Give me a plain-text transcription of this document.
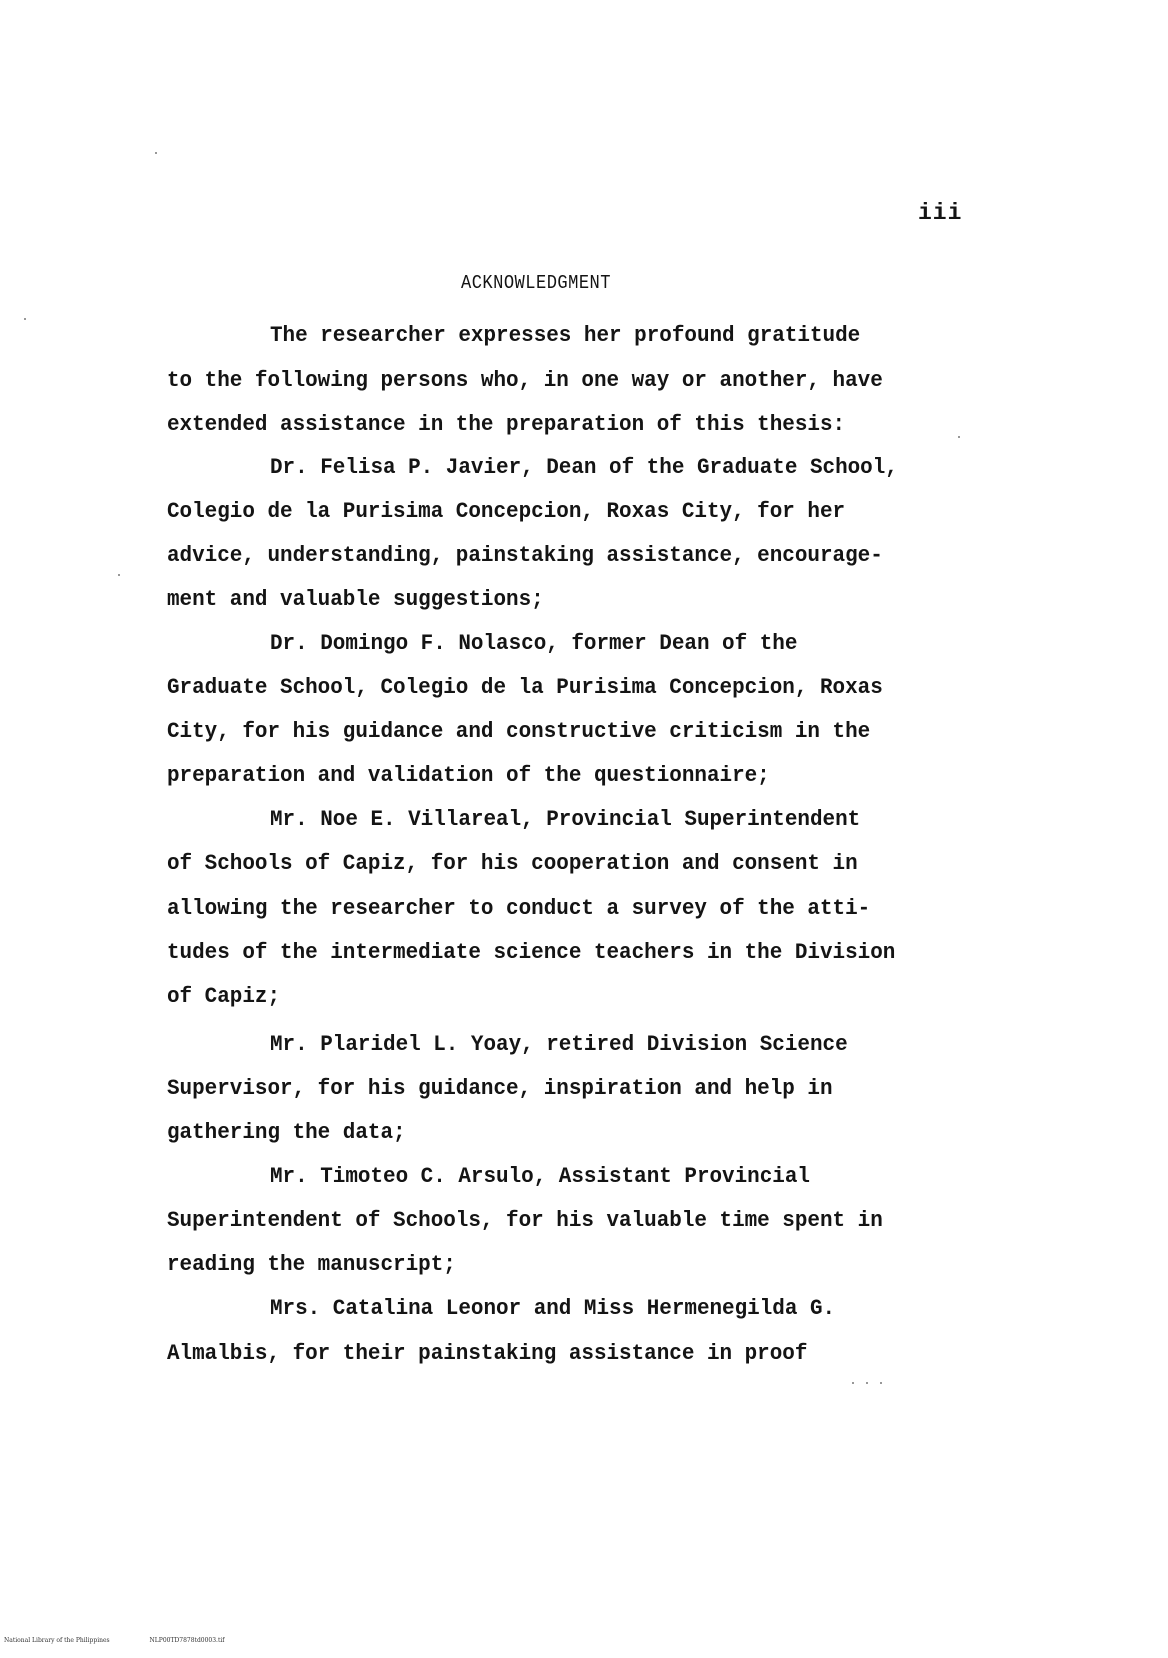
iii
ACKNOWLEDGMENT
The researcher expresses her profound gratitude
to the following persons who, in one way or another, have
extended assistance in the preparation of this thesis:
Dr. Felisa P. Javier, Dean of the Graduate School,
Colegio de la Purisima Concepcion, Roxas City, for her
advice, understanding, painstaking assistance, encourage-
ment and valuable suggestions;
Dr. Domingo F. Nolasco, former Dean of the
Graduate School, Colegio de la Purisima Concepcion, Roxas
City, for his guidance and constructive criticism in the
preparation and validation of the questionnaire;
Mr. Noe E. Villareal, Provincial Superintendent
of Schools of Capiz, for his cooperation and consent in
allowing the researcher to conduct a survey of the atti-
tudes of the intermediate science teachers in the Division
of Capiz;
Mr. Plaridel L. Yoay, retired Division Science
Supervisor, for his guidance, inspiration and help in
gathering the data;
Mr. Timoteo C. Arsulo, Assistant Provincial
Superintendent of Schools, for his valuable time spent in
reading the manuscript;
Mrs. Catalina Leonor and Miss Hermenegilda G.
Almalbis, for their painstaking assistance in proof
National Library of the Philippines	NLP00TD7878td0003.tif
